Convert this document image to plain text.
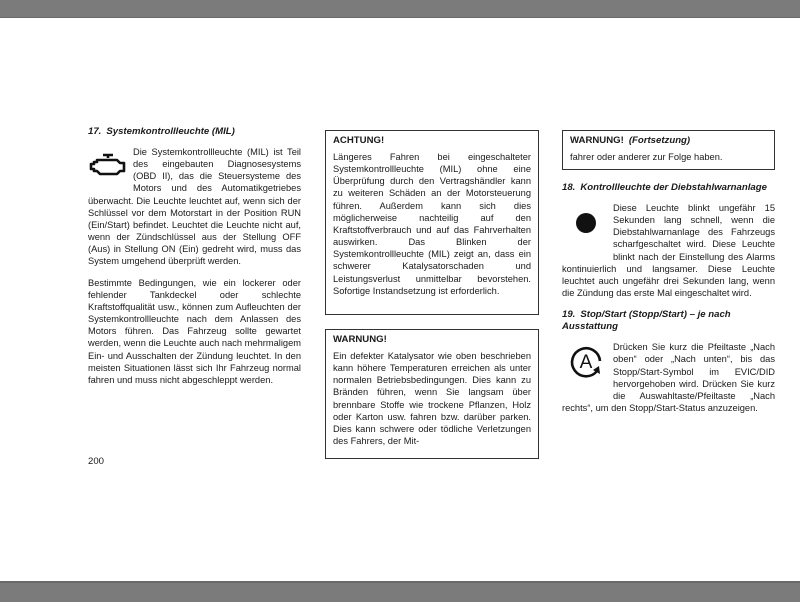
17. Systemkontrollleuchte (MIL)

Die Systemkontrollleuchte (MIL) ist Teil des eingebauten Diagnosesystems (OBD II), das die Steuersysteme des Motors und des Automatikgetriebes überwacht. Die Leuchte leuchtet auf, wenn sich der Schlüssel vor dem Motorstart in der Position RUN (Ein/Start) befindet. Leuchtet die Leuchte nicht auf, wenn der Zündschlüssel aus der Stellung OFF (Aus) in Stellung ON (Ein) gedreht wird, muss das System umgehend überprüft werden.

Bestimmte Bedingungen, wie ein lockerer oder fehlender Tankdeckel oder schlechte Kraftstoffqualität usw., können zum Aufleuchten der Systemkontrollleuchte nach dem Anlassen des Motors führen. Das Fahrzeug sollte gewartet werden, wenn die Leuchte auch nach mehrmaligem Ein- und Ausschalten der Zündung leuchtet. In den meisten Situationen lässt sich Ihr Fahrzeug normal fahren und muss nicht abgeschleppt werden.

ACHTUNG!

Längeres Fahren bei eingeschalteter Systemkontrollleuchte (MIL) ohne eine Überprüfung durch den Vertragshändler kann zu weiteren Schäden an der Motorsteuerung führen. Außerdem kann sich dies möglicherweise nachteilig auf den Kraftstoffverbrauch und auf das Fahrverhalten auswirken. Das Blinken der Systemkontrollleuchte (MIL) zeigt an, dass ein schwerer Katalysatorschaden und Leistungsverlust unmittelbar bevorstehen. Sofortige Instandsetzung ist erforderlich.

WARNUNG!

Ein defekter Katalysator wie oben beschrieben kann höhere Temperaturen erreichen als unter normalen Betriebsbedingungen. Dies kann zu Bränden führen, wenn Sie langsam über brennbare Stoffe wie trockene Pflanzen, Holz oder Karton usw. fahren bzw. darüber parken. Dies kann schwere oder tödliche Verletzungen des Fahrers, der Mit-

WARNUNG! (Fortsetzung)

fahrer oder anderer zur Folge haben.

18. Kontrollleuchte der Diebstahlwarnanlage

Diese Leuchte blinkt ungefähr 15 Sekunden lang schnell, wenn die Diebstahlwarnanlage des Fahrzeugs scharfgeschaltet wird. Diese Leuchte blinkt nach der Einstellung des Alarms kontinuierlich und langsamer. Diese Leuchte leuchtet auch ungefähr drei Sekunden lang, wenn die Zündung das erste Mal eingeschaltet wird.

19. Stop/Start (Stopp/Start) – je nach Ausstattung
A

Drücken Sie kurz die Pfeiltaste „Nach oben“ oder „Nach unten“, bis das Stopp/Start-Symbol im EVIC/DID hervorgehoben wird. Drücken Sie kurz die Auswahltaste/Pfeiltaste „Nach rechts“, um den Stopp/Start-Status anzuzeigen.

200
